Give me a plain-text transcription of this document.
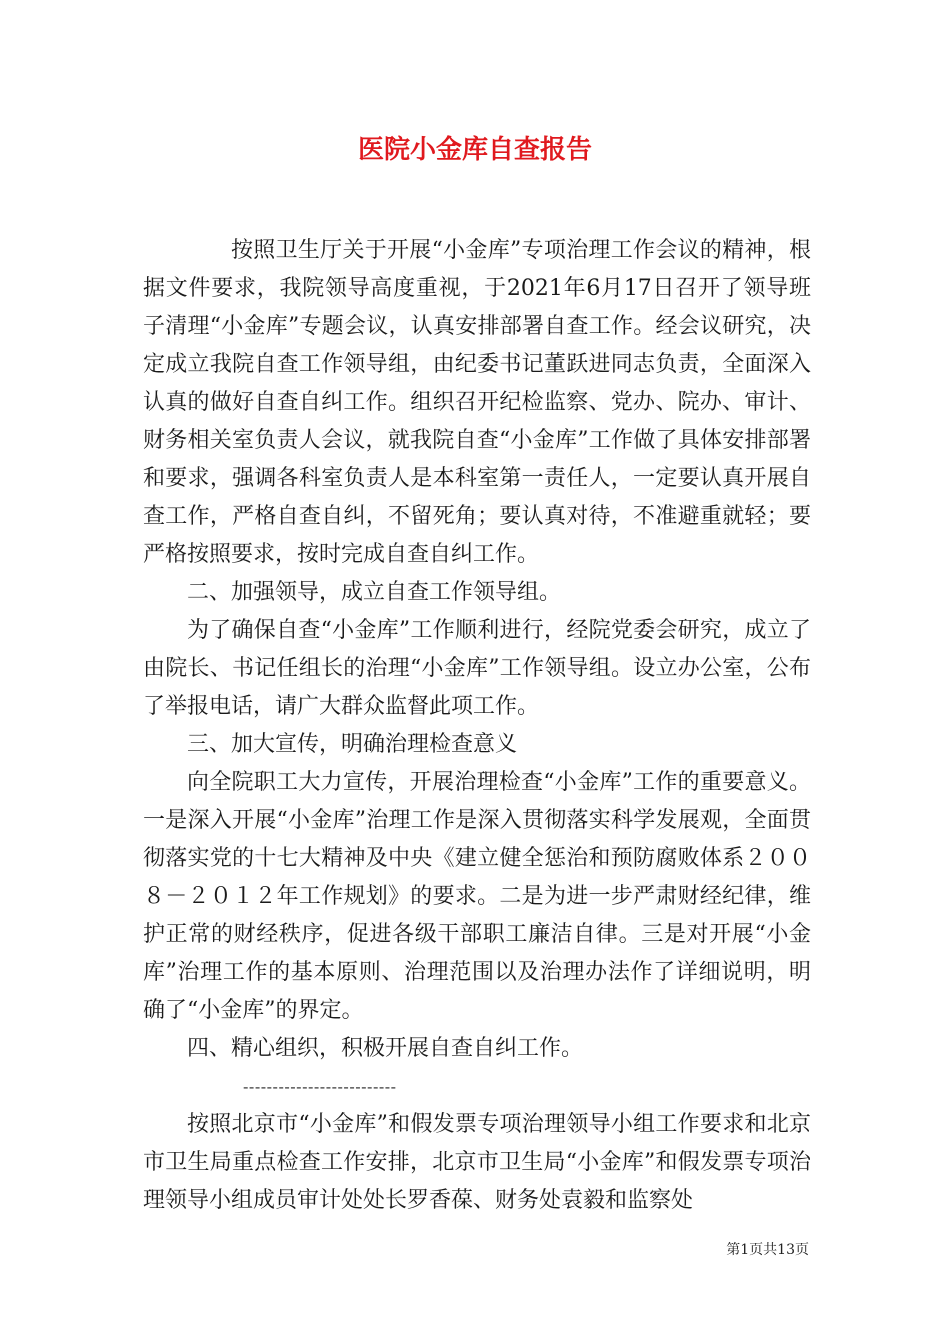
医院小金库自查报告

按照卫生厅关于开展“小金库”专项治理工作会议的精神，根据文件要求，我院领导高度重视，于2021年6月17日召开了领导班子清理“小金库”专题会议，认真安排部署自查工作。经会议研究，决定成立我院自查工作领导组，由纪委书记董跃进同志负责，全面深入认真的做好自查自纠工作。组织召开纪检监察、党办、院办、审计、财务相关室负责人会议，就我院自查“小金库”工作做了具体安排部署和要求，强调各科室负责人是本科室第一责任人，一定要认真开展自查工作，严格自查自纠，不留死角；要认真对待，不准避重就轻；要严格按照要求，按时完成自查自纠工作。

二、加强领导，成立自查工作领导组。

为了确保自查“小金库”工作顺利进行，经院党委会研究，成立了由院长、书记任组长的治理“小金库”工作领导组。设立办公室，公布了举报电话，请广大群众监督此项工作。

三、加大宣传，明确治理检查意义

向全院职工大力宣传，开展治理检查“小金库”工作的重要意义。一是深入开展“小金库”治理工作是深入贯彻落实科学发展观，全面贯彻落实党的十七大精神及中央《建立健全惩治和预防腐败体系２００８－２０１２年工作规划》的要求。二是为进一步严肃财经纪律，维护正常的财经秩序，促进各级干部职工廉洁自律。三是对开展“小金库”治理工作的基本原则、治理范围以及治理办法作了详细说明，明确了“小金库”的界定。

四、精心组织，积极开展自查自纠工作。

--------------------------

按照北京市“小金库”和假发票专项治理领导小组工作要求和北京市卫生局重点检查工作安排，北京市卫生局“小金库”和假发票专项治理领导小组成员审计处处长罗香葆、财务处袁毅和监察处

第1页共13页
